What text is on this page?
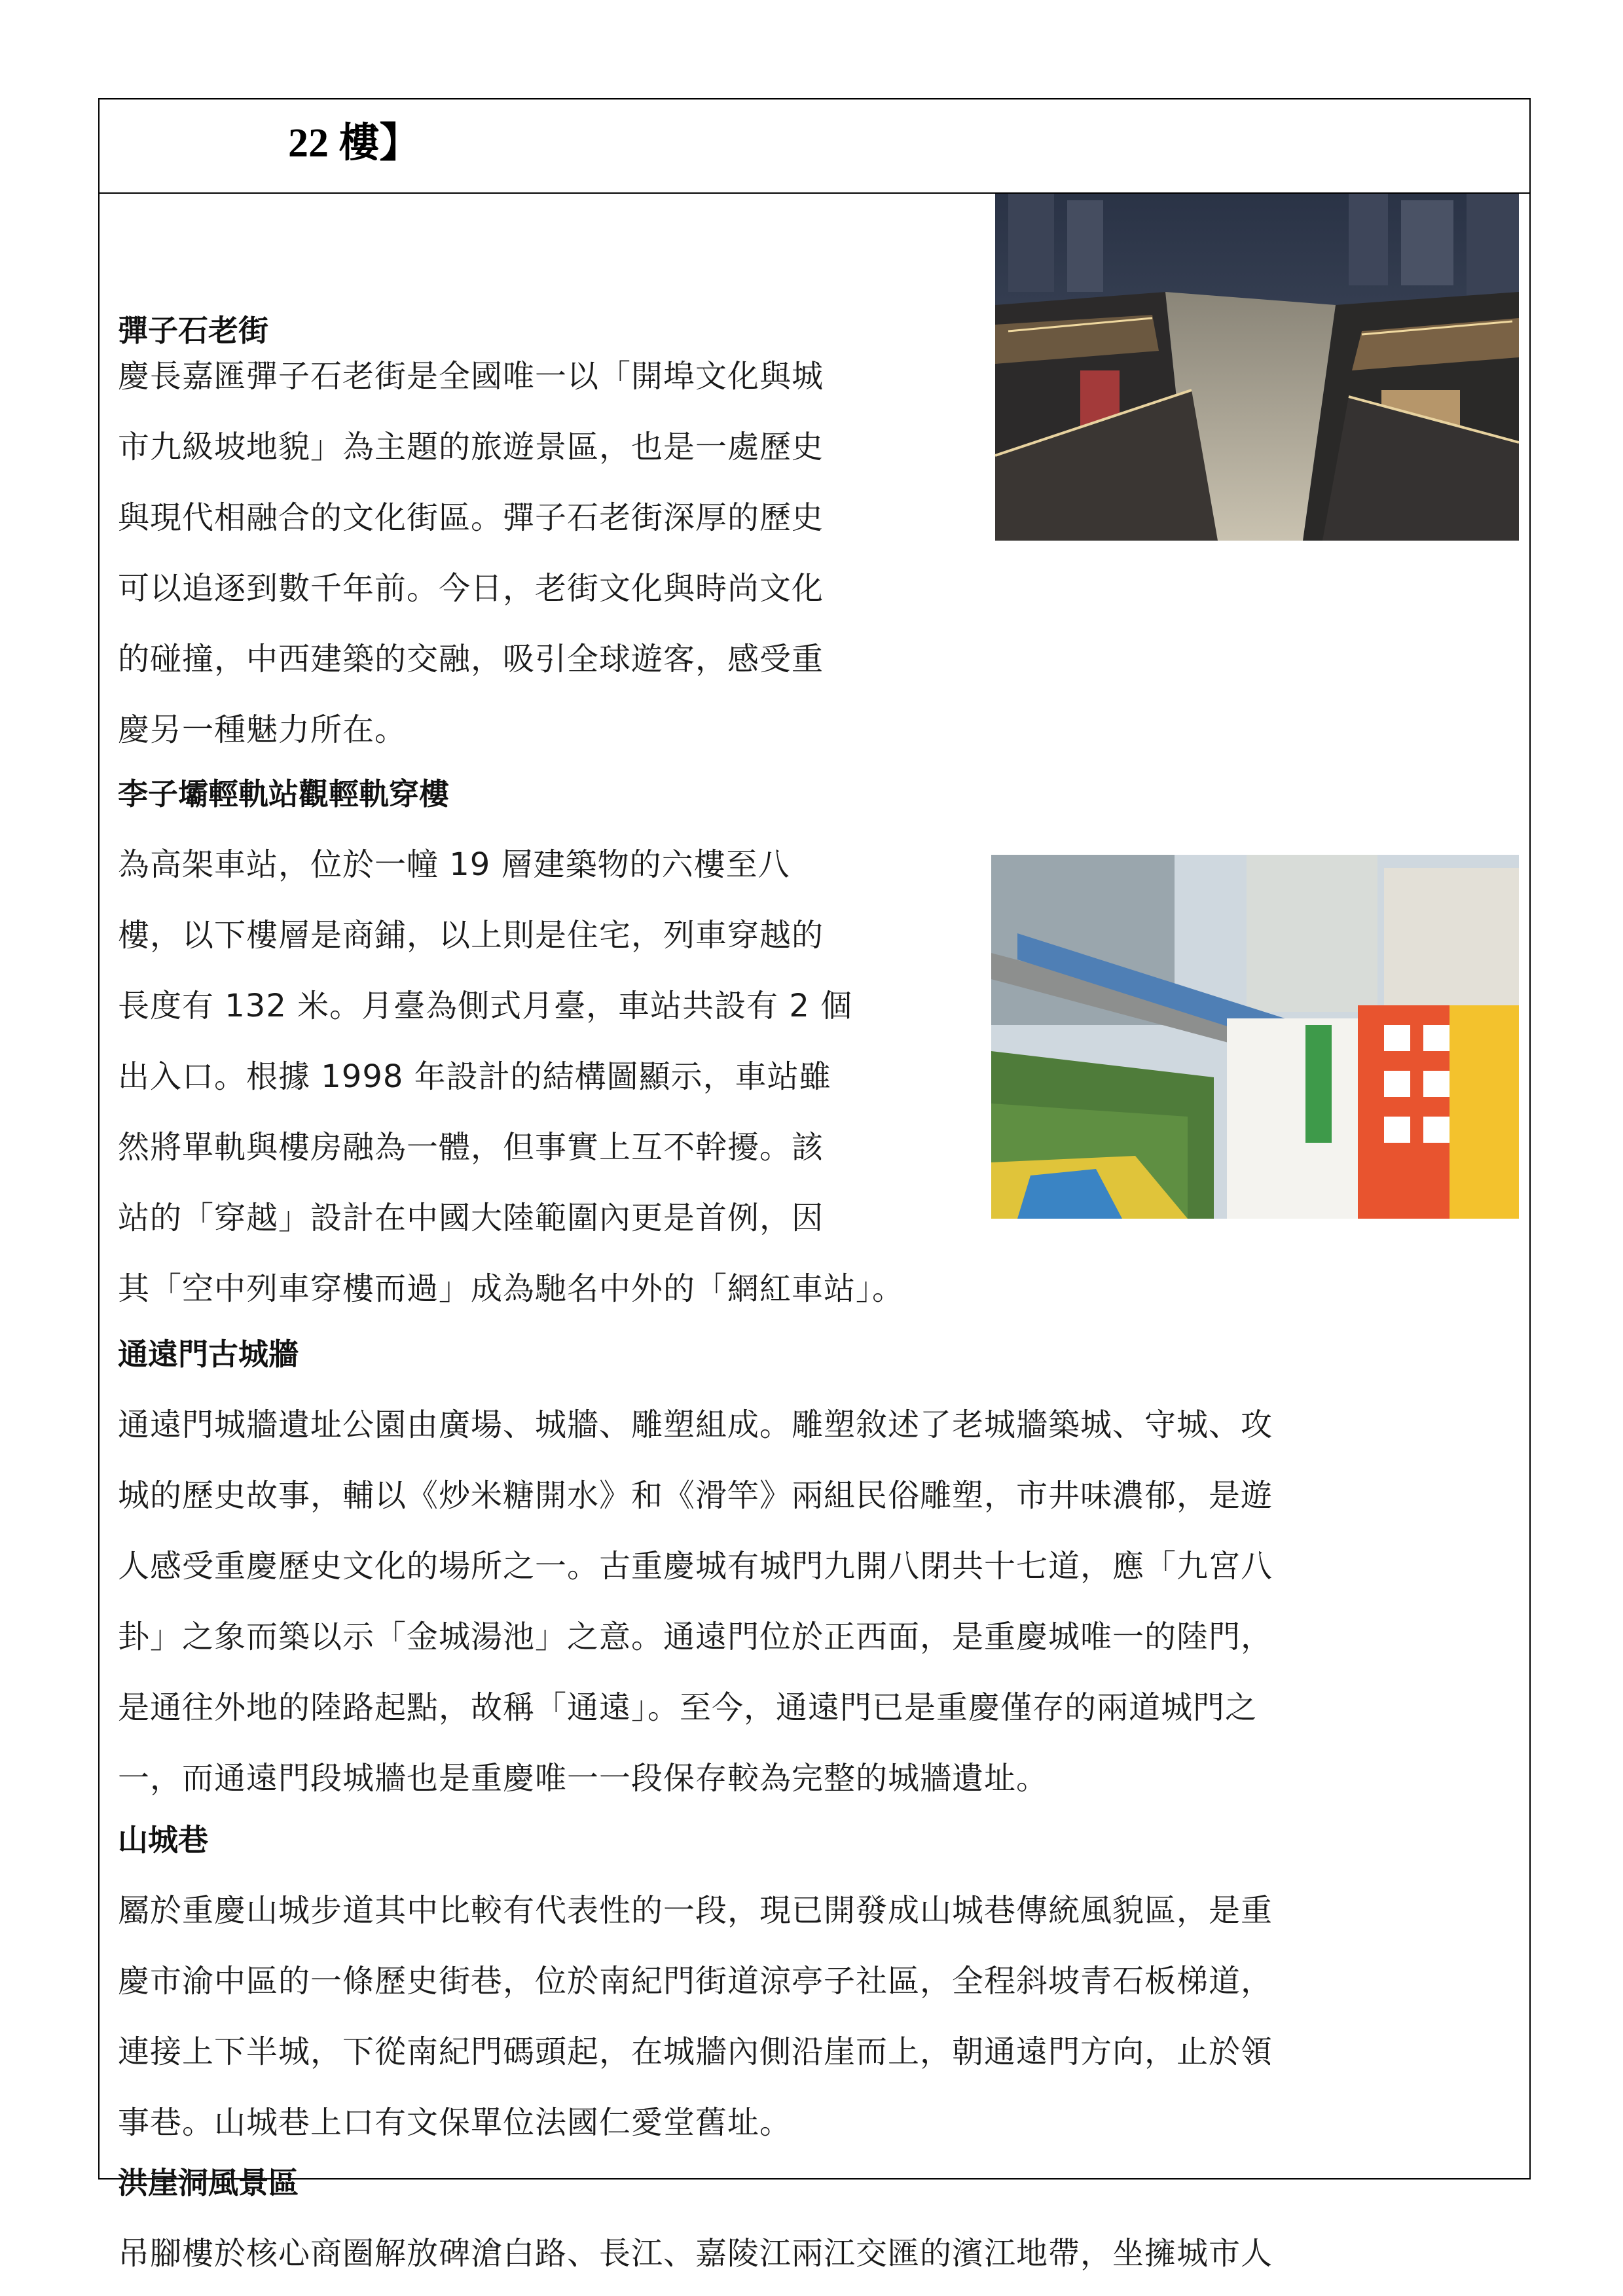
22 樓】
彈子石老街
慶長嘉匯彈子石老街是全國唯一以「開埠文化與城
市九級坡地貌」為主題的旅遊景區，也是一處歷史
與現代相融合的文化街區。彈子石老街深厚的歷史
可以追逐到數千年前。今日，老街文化與時尚文化
的碰撞，中西建築的交融，吸引全球遊客，感受重
慶另一種魅力所在。
李子壩輕軌站觀輕軌穿樓
為高架車站，位於一幢 19 層建築物的六樓至八
樓，以下樓層是商鋪，以上則是住宅，列車穿越的
長度有 132 米。月臺為側式月臺，車站共設有 2 個
出入口。根據 1998 年設計的結構圖顯示，車站雖
然將單軌與樓房融為一體，但事實上互不幹擾。該
站的「穿越」設計在中國大陸範圍內更是首例，因
其「空中列車穿樓而過」成為馳名中外的「網紅車站」。
通遠門古城牆
通遠門城牆遺址公園由廣場、城牆、雕塑組成。雕塑敘述了老城牆築城、守城、攻
城的歷史故事，輔以《炒米糖開水》和《滑竿》兩組民俗雕塑，市井味濃郁，是遊
人感受重慶歷史文化的場所之一。古重慶城有城門九開八閉共十七道，應「九宮八
卦」之象而築以示「金城湯池」之意。通遠門位於正西面，是重慶城唯一的陸門，
是通往外地的陸路起點，故稱「通遠」。至今，通遠門已是重慶僅存的兩道城門之
一，而通遠門段城牆也是重慶唯一一段保存較為完整的城牆遺址。
山城巷
屬於重慶山城步道其中比較有代表性的一段，現已開發成山城巷傳統風貌區，是重
慶市渝中區的一條歷史街巷，位於南紀門街道涼亭子社區，全程斜坡青石板梯道，
連接上下半城，下從南紀門碼頭起，在城牆內側沿崖而上，朝通遠門方向，止於領
事巷。山城巷上口有文保單位法國仁愛堂舊址。
洪崖洞風景區
吊腳樓於核心商圈解放碑滄白路、長江、嘉陵江兩江交匯的濱江地帶，坐擁城市人
